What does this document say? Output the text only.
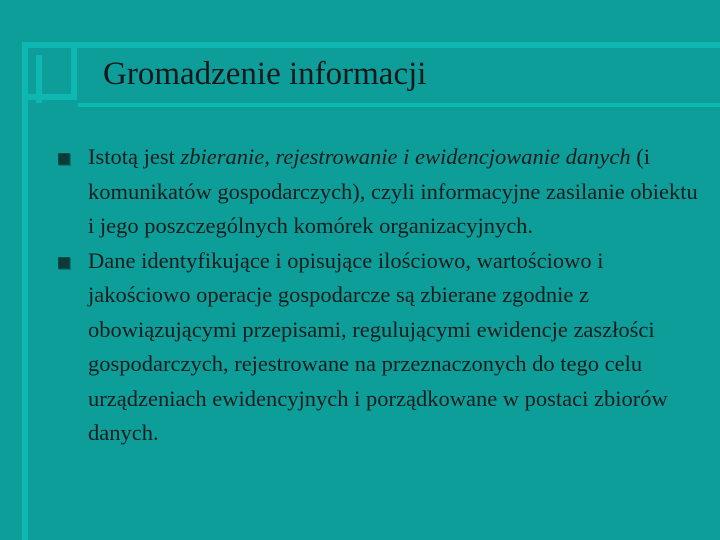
Gromadzenie informacji
Istotą jest zbieranie, rejestrowanie i ewidencjowanie danych (i komunikatów gospodarczych), czyli informacyjne zasilanie obiektu i jego poszczególnych komórek organizacyjnych.
Dane identyfikujące i opisujące ilościowo, wartościowo i jakościowo operacje gospodarcze są zbierane zgodnie z obowiązującymi przepisami, regulującymi ewidencje zaszłości gospodarczych, rejestrowane na przeznaczonych do tego celu urządzeniach ewidencyjnych i porządkowane w postaci zbiorów danych.
